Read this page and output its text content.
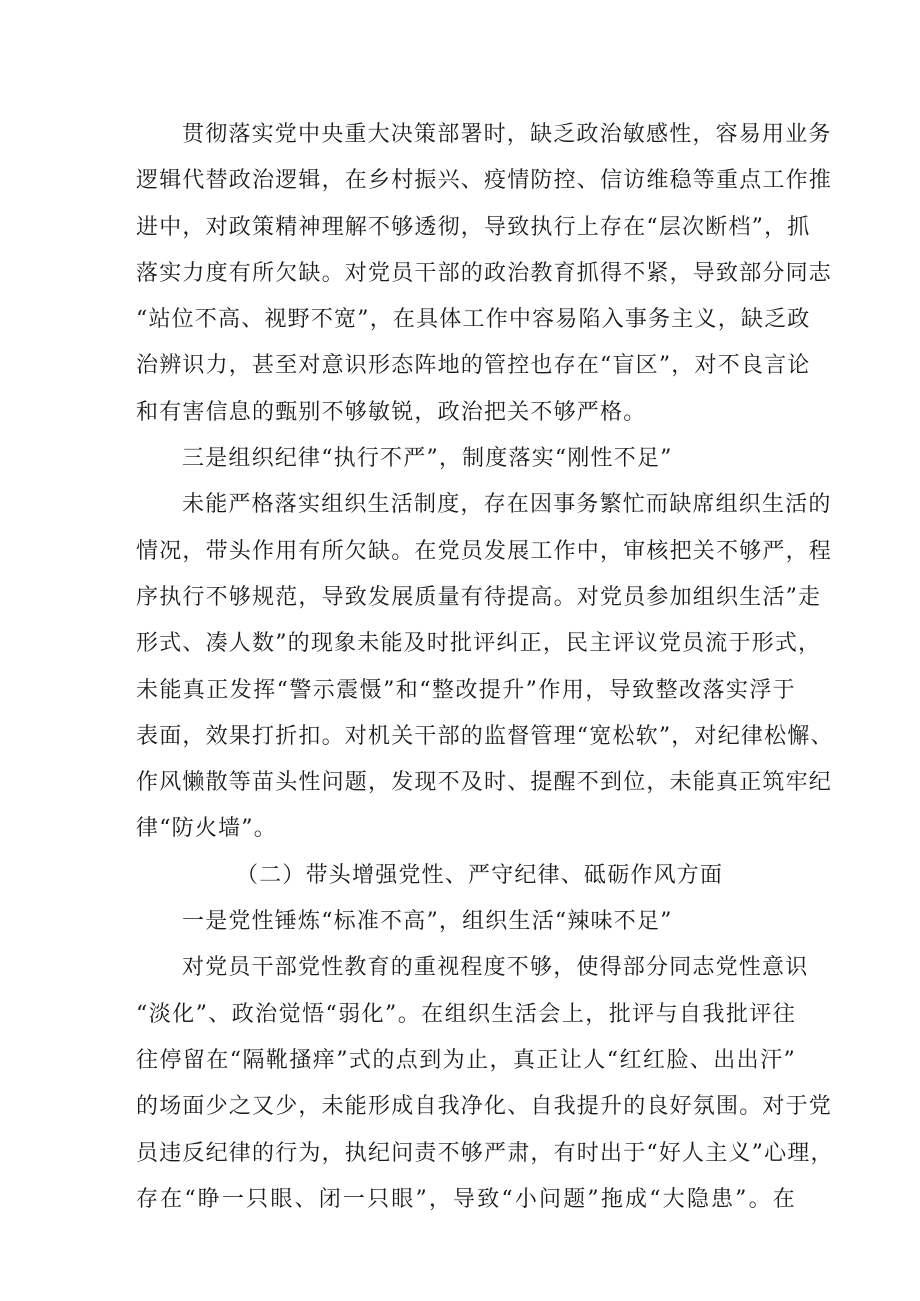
贯彻落实党中央重大决策部署时，缺乏政治敏感性，容易用业务
逻辑代替政治逻辑，在乡村振兴、疫情防控、信访维稳等重点工作推
进中，对政策精神理解不够透彻，导致执行上存在“层次断档”，抓
落实力度有所欠缺。对党员干部的政治教育抓得不紧，导致部分同志
“站位不高、视野不宽”，在具体工作中容易陷入事务主义，缺乏政
治辨识力，甚至对意识形态阵地的管控也存在“盲区”，对不良言论
和有害信息的甄别不够敏锐，政治把关不够严格。
三是组织纪律“执行不严”，制度落实“刚性不足”
未能严格落实组织生活制度，存在因事务繁忙而缺席组织生活的
情况，带头作用有所欠缺。在党员发展工作中，审核把关不够严，程
序执行不够规范，导致发展质量有待提高。对党员参加组织生活”走
形式、凑人数”的现象未能及时批评纠正，民主评议党员流于形式，
未能真正发挥“警示震慑”和“整改提升”作用，导致整改落实浮于
表面，效果打折扣。对机关干部的监督管理“宽松软”，对纪律松懈、
作风懒散等苗头性问题，发现不及时、提醒不到位，未能真正筑牢纪
律“防火墙”。
（二）带头增强党性、严守纪律、砥砺作风方面
一是党性锤炼“标准不高”，组织生活“辣味不足”
对党员干部党性教育的重视程度不够，使得部分同志党性意识
“淡化”、政治觉悟“弱化”。在组织生活会上，批评与自我批评往
往停留在“隔靴搔痒”式的点到为止，真正让人“红红脸、出出汗”
的场面少之又少，未能形成自我净化、自我提升的良好氛围。对于党
员违反纪律的行为，执纪问责不够严肃，有时出于“好人主义”心理，
存在“睁一只眼、闭一只眼”，导致“小问题”拖成“大隐患”。在
